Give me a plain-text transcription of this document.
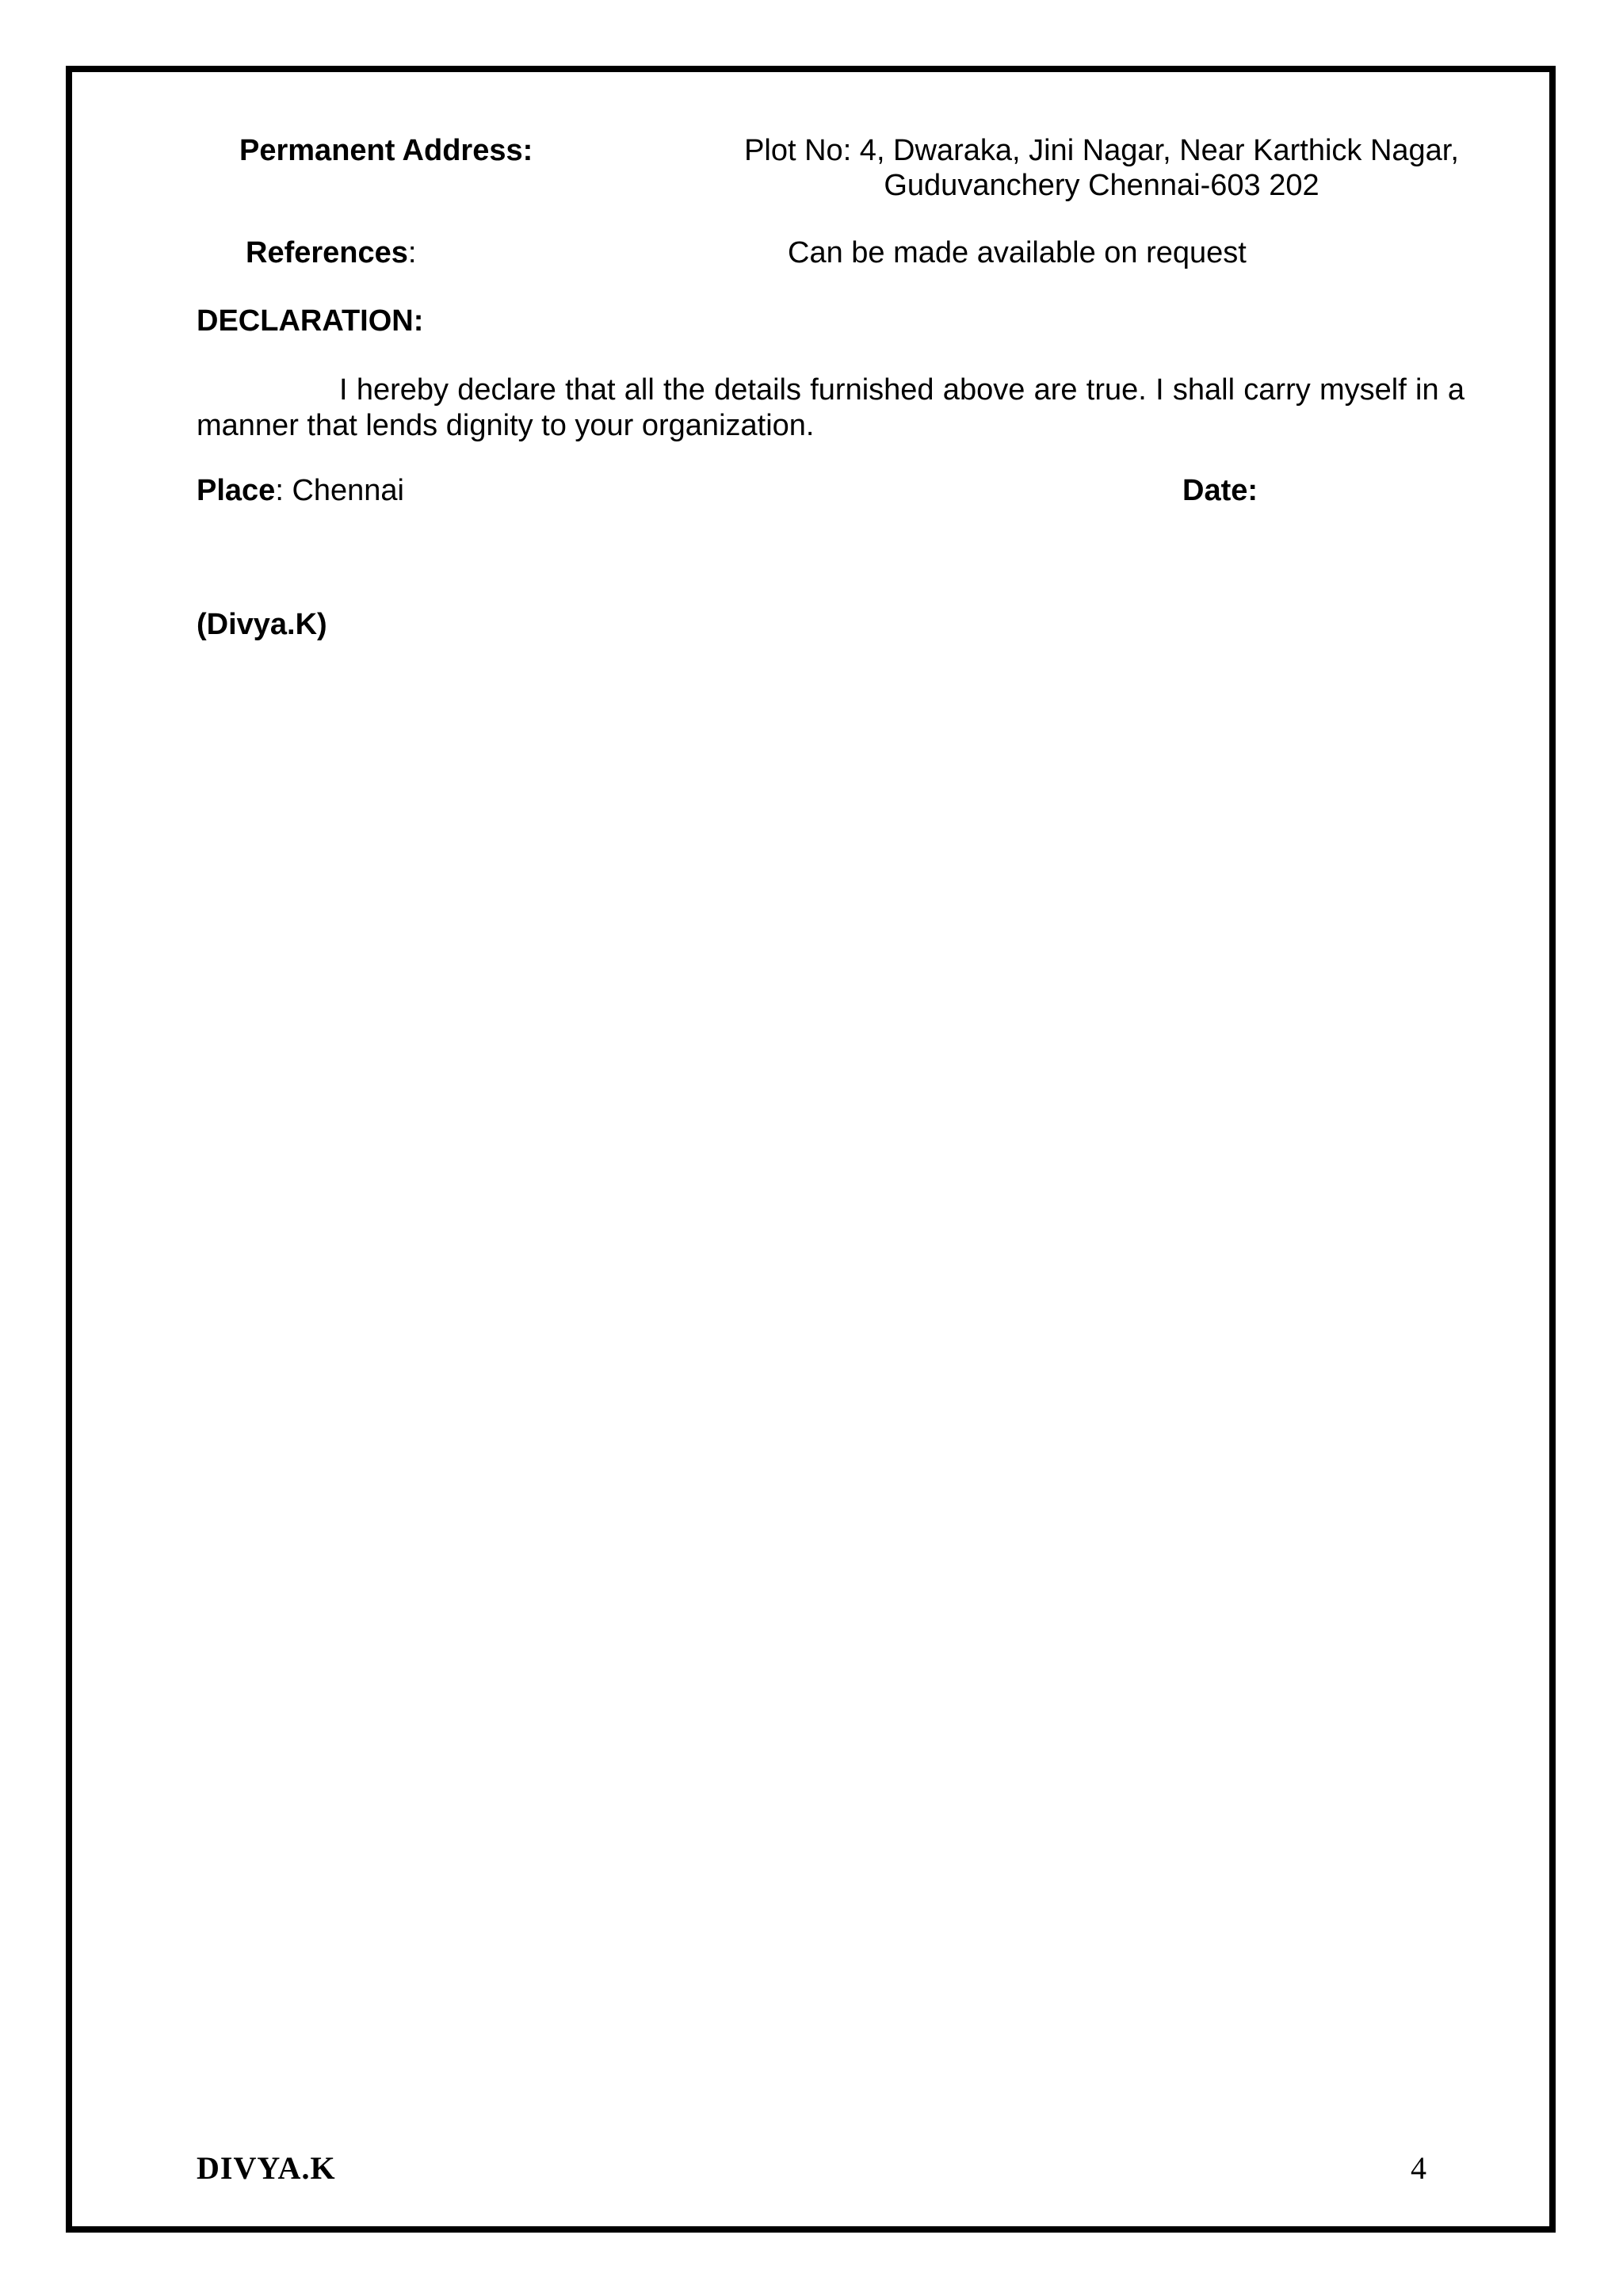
Permanent Address:	Plot No: 4, Dwaraka, Jini Nagar, Near Karthick Nagar,
Guduvanchery Chennai-603 202
References:	Can be made available on request
DECLARATION:
I hereby declare that all the details furnished above are true. I shall carry myself in a manner that lends dignity to your organization.
Place: Chennai	Date:
(Divya.K)
DIVYA.K	4
